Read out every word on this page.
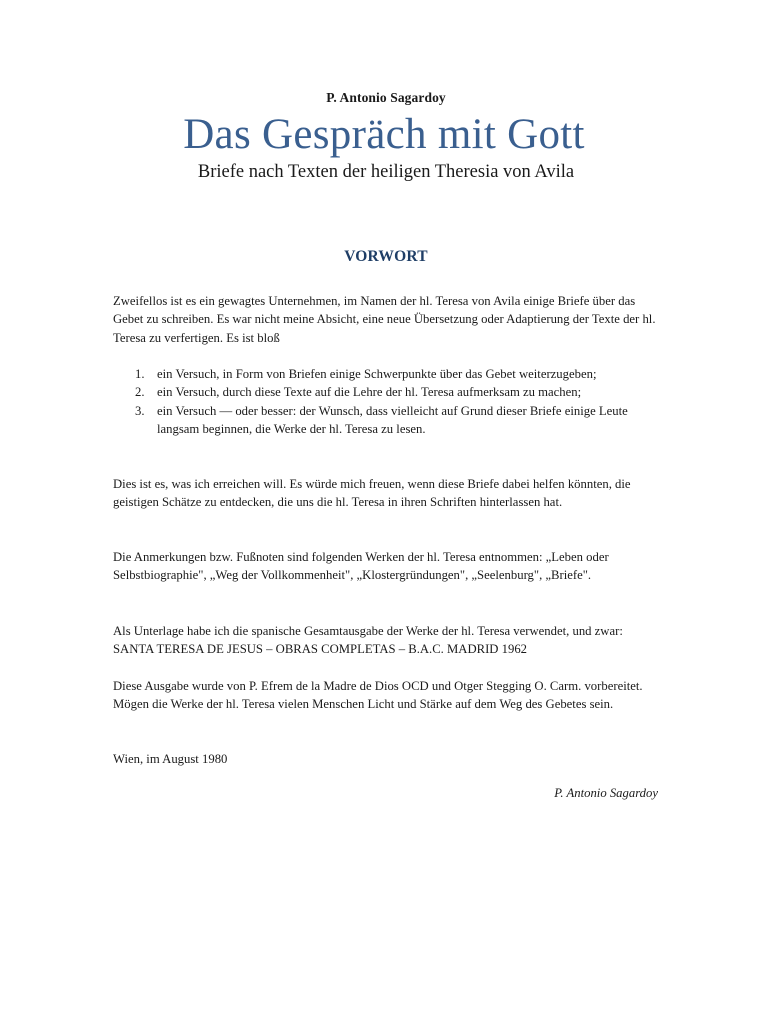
P. Antonio Sagardoy
Das Gespräch mit Gott
Briefe nach Texten der heiligen Theresia von Avila
VORWORT

Zweifellos ist es ein gewagtes Unternehmen, im Namen der hl. Teresa von Avila einige Briefe über das Gebet zu schreiben. Es war nicht meine Absicht, eine neue Übersetzung oder Adaptierung der Texte der hl. Teresa zu verfertigen. Es ist bloß

1. ein Versuch, in Form von Briefen einige Schwerpunkte über das Gebet weiterzugeben;
2. ein Versuch, durch diese Texte auf die Lehre der hl. Teresa aufmerksam zu machen;
3. ein Versuch — oder besser: der Wunsch, dass vielleicht auf Grund dieser Briefe einige Leute langsam beginnen, die Werke der hl. Teresa zu lesen.

Dies ist es, was ich erreichen will. Es würde mich freuen, wenn diese Briefe dabei helfen könnten, die geistigen Schätze zu entdecken, die uns die hl. Teresa in ihren Schriften hinterlassen hat.

Die Anmerkungen bzw. Fußnoten sind folgenden Werken der hl. Teresa entnommen: „Leben oder Selbstbiographie", „Weg der Vollkommenheit", „Klostergründungen", „Seelenburg", „Briefe".

Als Unterlage habe ich die spanische Gesamtausgabe der Werke der hl. Teresa verwendet, und zwar:SANTA TERESA DE JESUS – OBRAS COMPLETAS – B.A.C. MADRID 1962

Diese Ausgabe wurde von P. Efrem de la Madre de Dios OCD und Otger Stegging O. Carm. vorbereitet. Mögen die Werke der hl. Teresa vielen Menschen Licht und Stärke auf dem Weg des Gebetes sein.

Wien, im August 1980

P. Antonio Sagardoy
